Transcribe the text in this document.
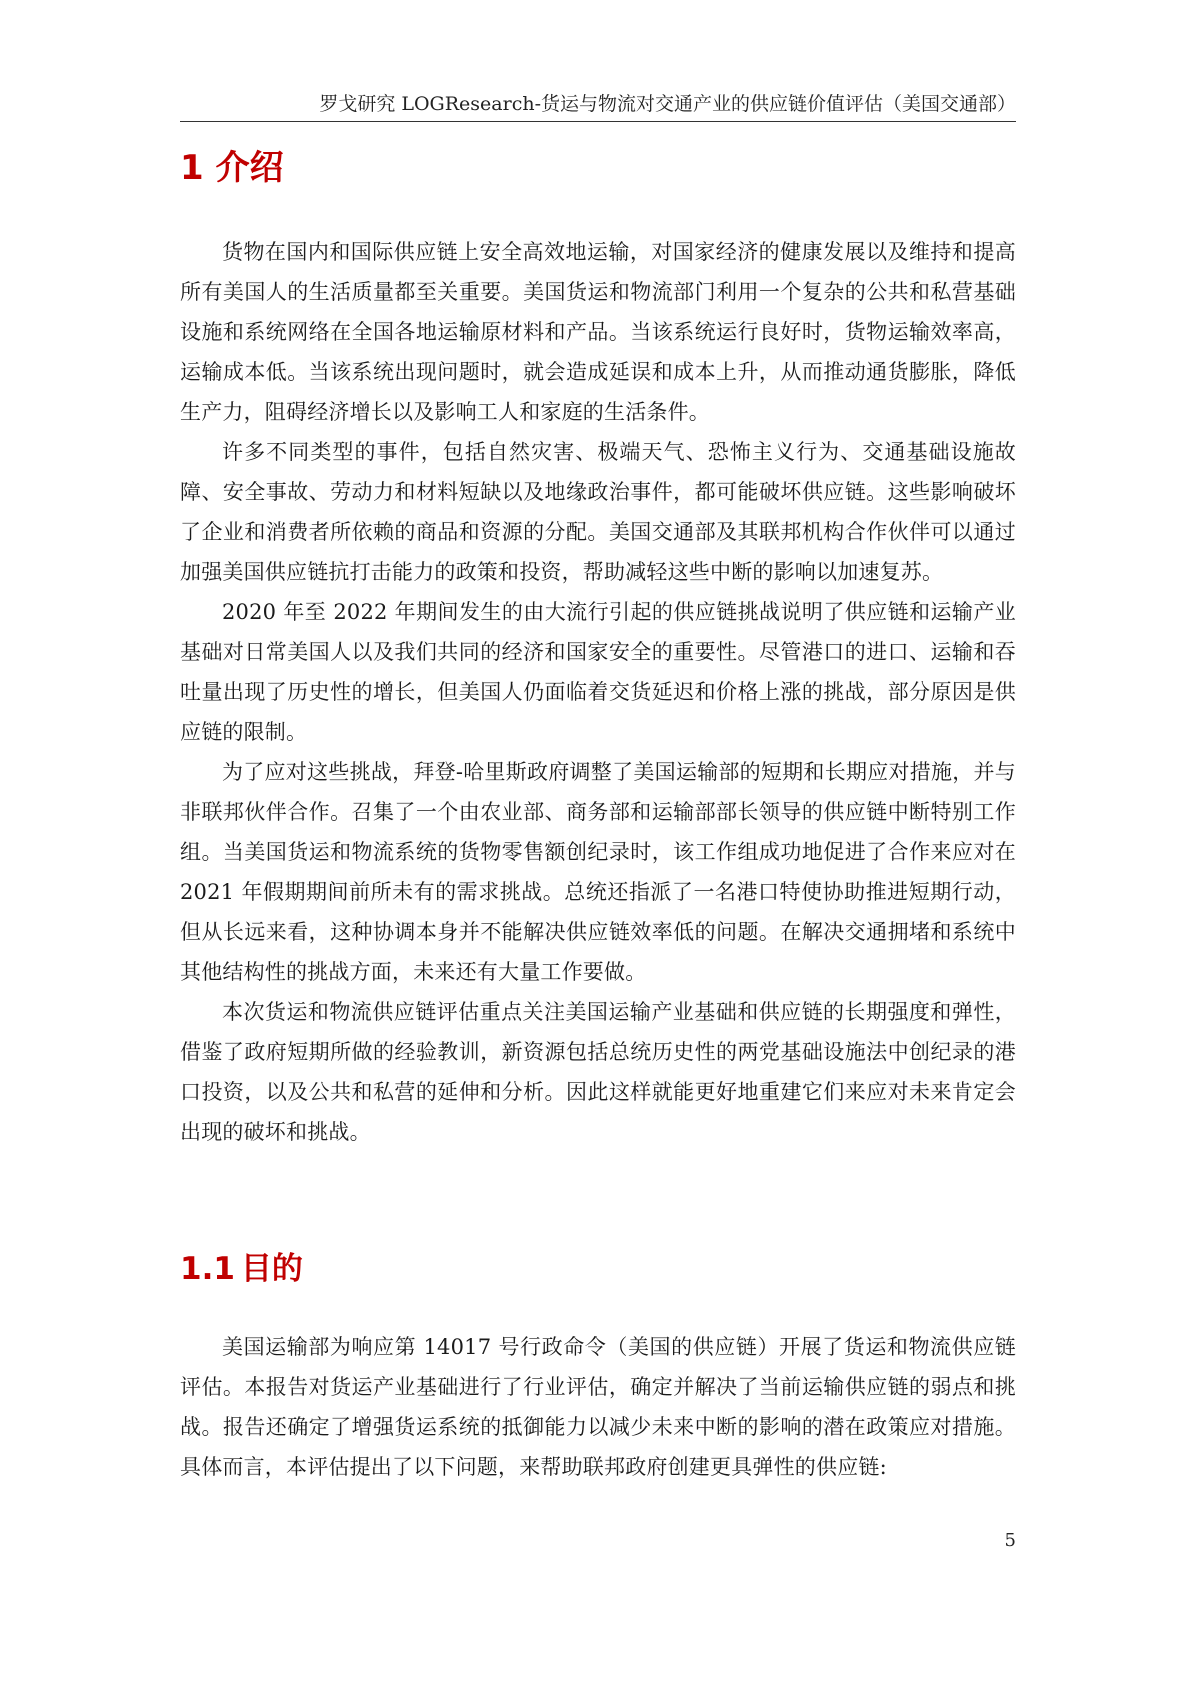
罗戈研究 LOGResearch-货运与物流对交通产业的供应链价值评估（美国交通部）
1 介绍

货物在国内和国际供应链上安全高效地运输，对国家经济的健康发展以及维持和提高所有美国人的生活质量都至关重要。美国货运和物流部门利用一个复杂的公共和私营基础设施和系统网络在全国各地运输原材料和产品。当该系统运行良好时，货物运输效率高，运输成本低。当该系统出现问题时，就会造成延误和成本上升，从而推动通货膨胀，降低生产力，阻碍经济增长以及影响工人和家庭的生活条件。

许多不同类型的事件，包括自然灾害、极端天气、恐怖主义行为、交通基础设施故障、安全事故、劳动力和材料短缺以及地缘政治事件，都可能破坏供应链。这些影响破坏了企业和消费者所依赖的商品和资源的分配。美国交通部及其联邦机构合作伙伴可以通过加强美国供应链抗打击能力的政策和投资，帮助减轻这些中断的影响以加速复苏。

2020 年至 2022 年期间发生的由大流行引起的供应链挑战说明了供应链和运输产业基础对日常美国人以及我们共同的经济和国家安全的重要性。尽管港口的进口、运输和吞吐量出现了历史性的增长，但美国人仍面临着交货延迟和价格上涨的挑战，部分原因是供应链的限制。

为了应对这些挑战，拜登-哈里斯政府调整了美国运输部的短期和长期应对措施，并与非联邦伙伴合作。召集了一个由农业部、商务部和运输部部长领导的供应链中断特别工作组。当美国货运和物流系统的货物零售额创纪录时，该工作组成功地促进了合作来应对在 2021 年假期期间前所未有的需求挑战。总统还指派了一名港口特使协助推进短期行动，但从长远来看，这种协调本身并不能解决供应链效率低的问题。在解决交通拥堵和系统中其他结构性的挑战方面，未来还有大量工作要做。

本次货运和物流供应链评估重点关注美国运输产业基础和供应链的长期强度和弹性，借鉴了政府短期所做的经验教训，新资源包括总统历史性的两党基础设施法中创纪录的港口投资，以及公共和私营的延伸和分析。因此这样就能更好地重建它们来应对未来肯定会出现的破坏和挑战。

1.1 目的

美国运输部为响应第 14017 号行政命令（美国的供应链）开展了货运和物流供应链评估。本报告对货运产业基础进行了行业评估，确定并解决了当前运输供应链的弱点和挑战。报告还确定了增强货运系统的抵御能力以减少未来中断的影响的潜在政策应对措施。具体而言，本评估提出了以下问题，来帮助联邦政府创建更具弹性的供应链:

5
